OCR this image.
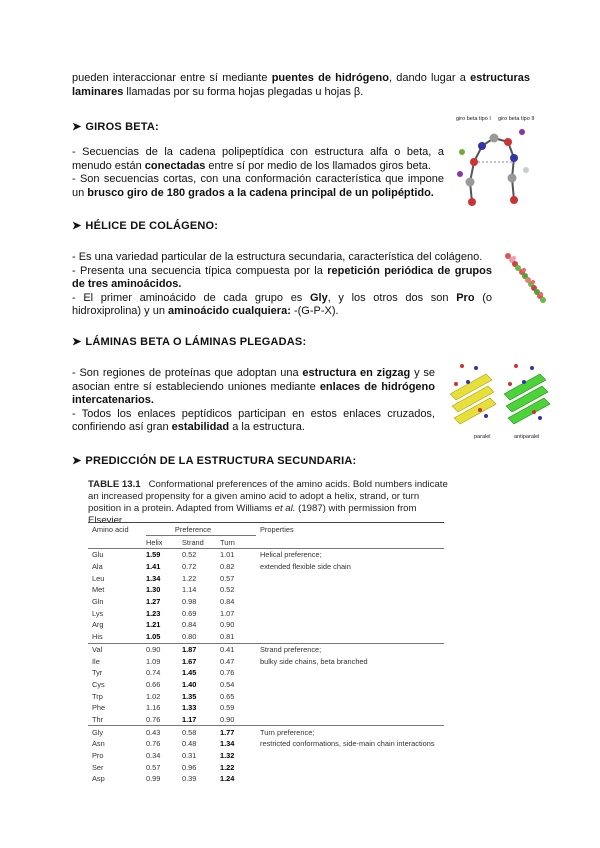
pueden interaccionar entre sí mediante puentes de hidrógeno, dando lugar a estructuras laminares llamadas por su forma hojas plegadas u hojas β.

➤ GIROS BETA:

- Secuencias de la cadena polipeptídica con estructura alfa o beta, a menudo están conectadas entre sí por medio de los llamados giros beta.

- Son secuencias cortas, con una conformación característica que impone un brusco giro de 180 grados a la cadena principal de un polipéptido.

giro beta tipo I giro beta tipo II
➤ HÉLICE DE COLÁGENO:

- Es una variedad particular de la estructura secundaria, característica del colágeno.

- Presenta una secuencia típica compuesta por la repetición periódica de grupos de tres aminoácidos.

- El primer aminoácido de cada grupo es Gly, y los otros dos son Pro (o hidroxiprolina) y un aminoácido cualquiera: -(G-P-X).

➤ LÁMINAS BETA O LÁMINAS PLEGADAS:

- Son regiones de proteínas que adoptan una estructura en zigzag y se asocian entre sí estableciendo uniones mediante enlaces de hidrógeno intercatenarios.

- Todos los enlaces peptídicos participan en estos enlaces cruzados, confiriendo así gran estabilidad a la estructura.

paralel	antiparalel
➤ PREDICCIÓN DE LA ESTRUCTURA SECUNDARIA:
TABLE 13.1 Conformational preferences of the amino acids. Bold numbers indicate an increased propensity for a given amino acid to adopt a helix, strand, or turn position in a protein. Adapted from Williams et al. (1987) with permission from Elsevier.
Amino acid	Preference			Properties
	Helix	Strand	Turn	
Glu	1.59	0.52	1.01	Helical preference;
Ala	1.41	0.72	0.82	extended flexible side chain
Leu	1.34	1.22	0.57	
Met	1.30	1.14	0.52	
Gln	1.27	0.98	0.84	
Lys	1.23	0.69	1.07	
Arg	1.21	0.84	0.90	
His	1.05	0.80	0.81	
Val	0.90	1.87	0.41	Strand preference;
Ile	1.09	1.67	0.47	bulky side chains, beta branched
Tyr	0.74	1.45	0.76	
Cys	0.66	1.40	0.54	
Trp	1.02	1.35	0.65	
Phe	1.16	1.33	0.59	
Thr	0.76	1.17	0.90	
Gly	0.43	0.58	1.77	Turn preference;
Asn	0.76	0.48	1.34	restricted conformations, side-main chain interactions
Pro	0.34	0.31	1.32	
Ser	0.57	0.96	1.22	
Asp	0.99	0.39	1.24	
